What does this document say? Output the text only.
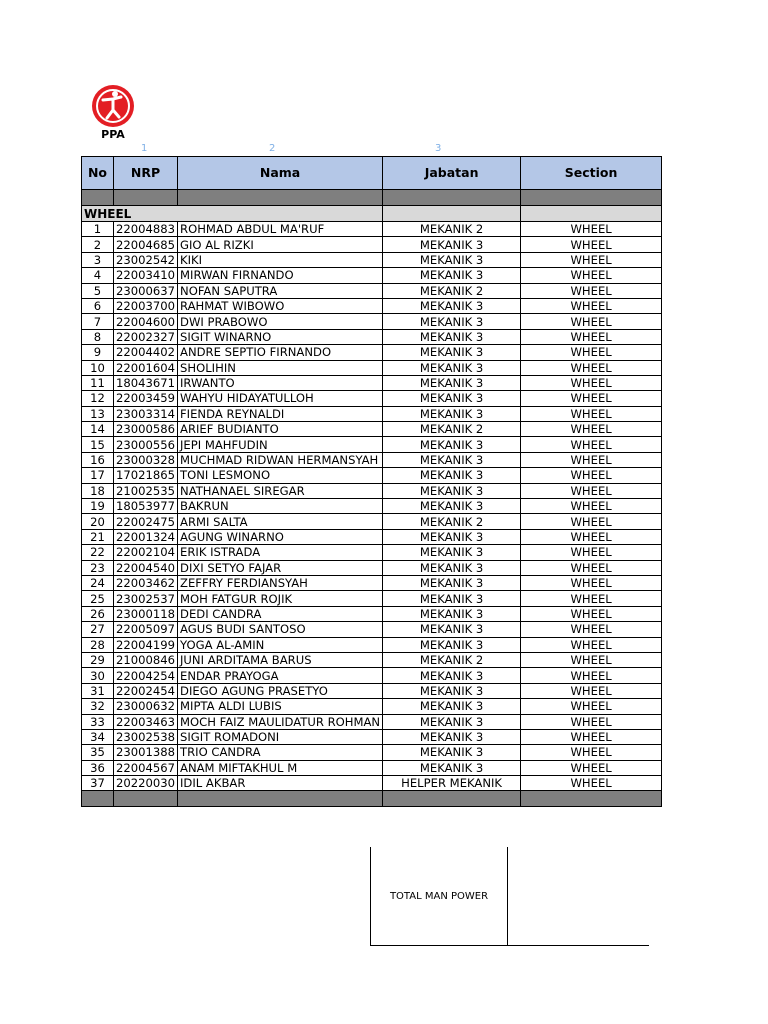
PPA
1	2	3
No	NRP	Nama	Jabatan	Section

WHEEL				
1	22004883	ROHMAD ABDUL MA'RUF	MEKANIK 2	WHEEL
2	22004685	GIO AL RIZKI	MEKANIK 3	WHEEL
3	23002542	KIKI	MEKANIK 3	WHEEL
4	22003410	MIRWAN FIRNANDO	MEKANIK 3	WHEEL
5	23000637	NOFAN SAPUTRA	MEKANIK 2	WHEEL
6	22003700	RAHMAT WIBOWO	MEKANIK 3	WHEEL
7	22004600	DWI PRABOWO	MEKANIK 3	WHEEL
8	22002327	SIGIT WINARNO	MEKANIK 3	WHEEL
9	22004402	ANDRE SEPTIO FIRNANDO	MEKANIK 3	WHEEL
10	22001604	SHOLIHIN	MEKANIK 3	WHEEL
11	18043671	IRWANTO	MEKANIK 3	WHEEL
12	22003459	WAHYU HIDAYATULLOH	MEKANIK 3	WHEEL
13	23003314	FIENDA REYNALDI	MEKANIK 3	WHEEL
14	23000586	ARIEF BUDIANTO	MEKANIK 2	WHEEL
15	23000556	JEPI MAHFUDIN	MEKANIK 3	WHEEL
16	23000328	MUCHMAD RIDWAN HERMANSYAH	MEKANIK 3	WHEEL
17	17021865	TONI LESMONO	MEKANIK 3	WHEEL
18	21002535	NATHANAEL SIREGAR	MEKANIK 3	WHEEL
19	18053977	BAKRUN	MEKANIK 3	WHEEL
20	22002475	ARMI SALTA	MEKANIK 2	WHEEL
21	22001324	AGUNG WINARNO	MEKANIK 3	WHEEL
22	22002104	ERIK ISTRADA	MEKANIK 3	WHEEL
23	22004540	DIXI SETYO FAJAR	MEKANIK 3	WHEEL
24	22003462	ZEFFRY FERDIANSYAH	MEKANIK 3	WHEEL
25	23002537	MOH FATGUR ROJIK	MEKANIK 3	WHEEL
26	23000118	DEDI CANDRA	MEKANIK 3	WHEEL
27	22005097	AGUS BUDI SANTOSO	MEKANIK 3	WHEEL
28	22004199	YOGA AL-AMIN	MEKANIK 3	WHEEL
29	21000846	JUNI ARDITAMA BARUS	MEKANIK 2	WHEEL
30	22004254	ENDAR PRAYOGA	MEKANIK 3	WHEEL
31	22002454	DIEGO AGUNG PRASETYO	MEKANIK 3	WHEEL
32	23000632	MIPTA ALDI LUBIS	MEKANIK 3	WHEEL
33	22003463	MOCH FAIZ MAULIDATUR ROHMAN	MEKANIK 3	WHEEL
34	23002538	SIGIT ROMADONI	MEKANIK 3	WHEEL
35	23001388	TRIO CANDRA	MEKANIK 3	WHEEL
36	22004567	ANAM MIFTAKHUL M	MEKANIK 3	WHEEL
37	20220030	IDIL AKBAR	HELPER MEKANIK	WHEEL

TOTAL MAN POWER
